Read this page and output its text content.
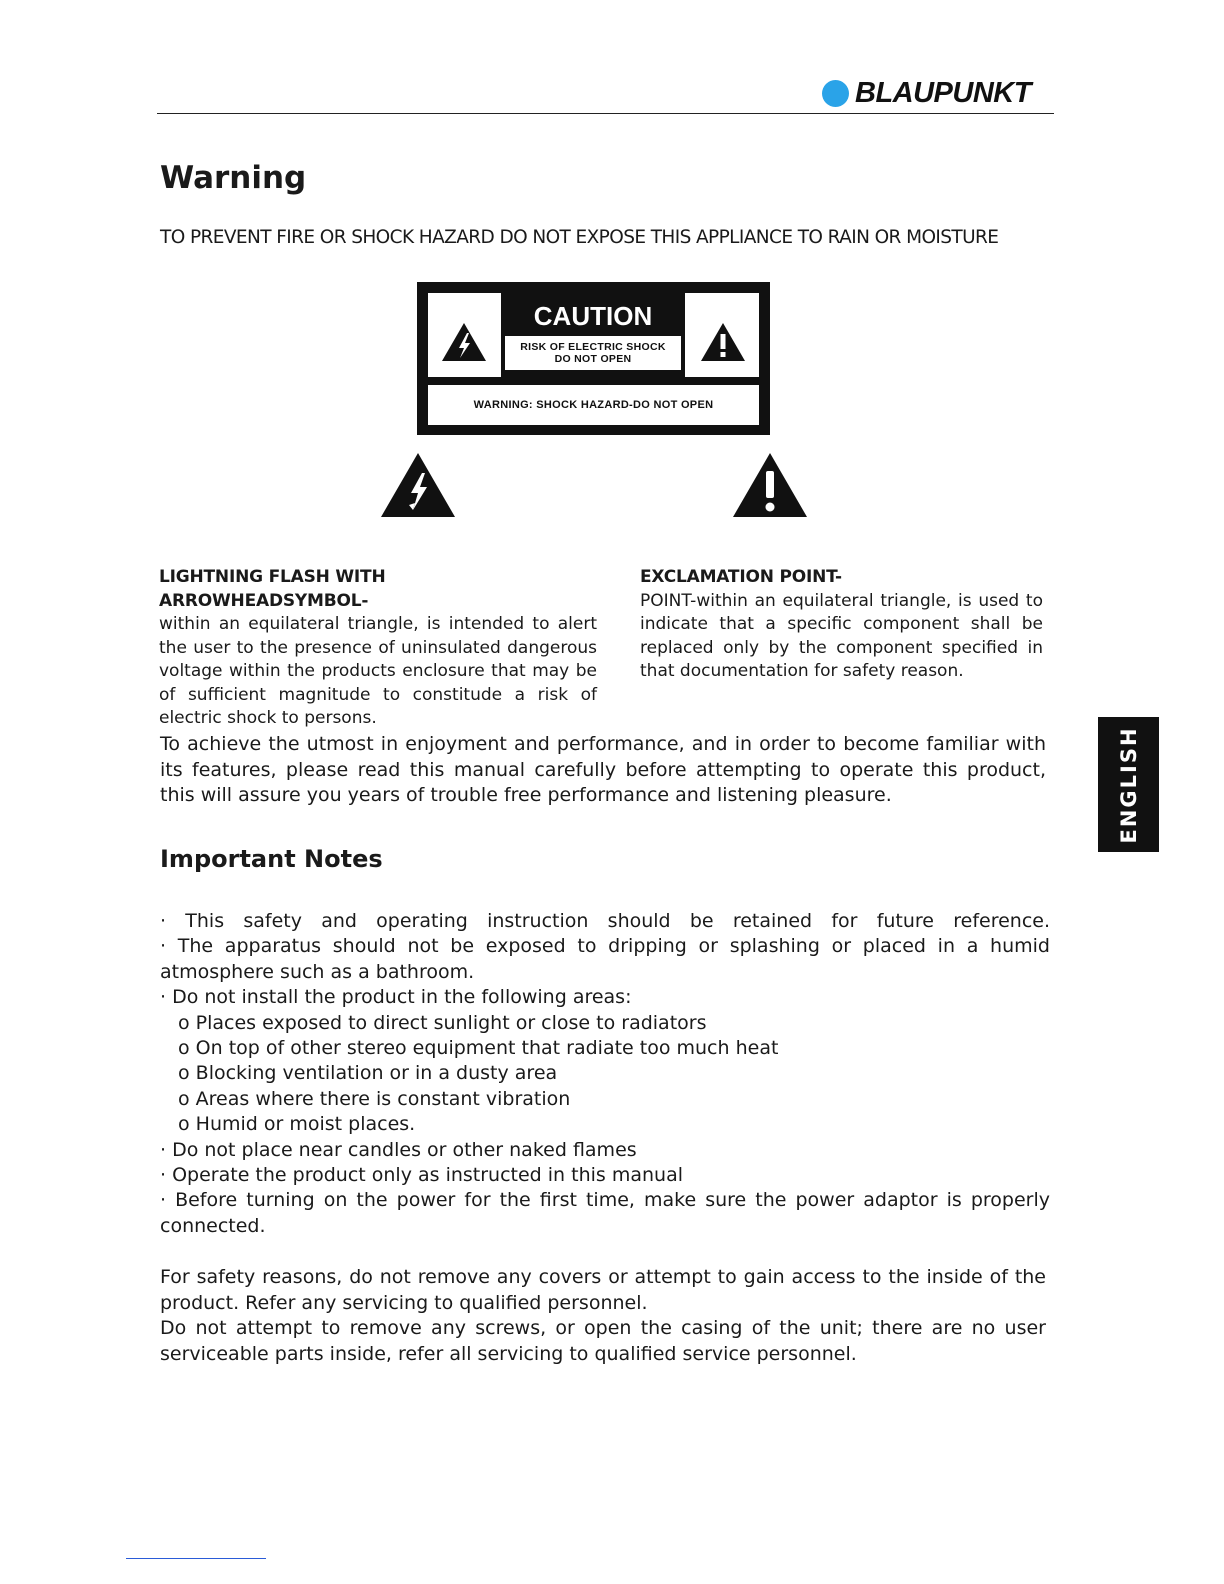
BLAUPUNKT
Warning

TO PREVENT FIRE OR SHOCK HAZARD DO NOT EXPOSE THIS APPLIANCE TO RAIN OR MOISTURE

CAUTION
RISK OF ELECTRIC SHOCK
DO NOT OPEN
WARNING: SHOCK HAZARD-DO NOT OPEN
LIGHTNING FLASH WITH ARROWHEADSYMBOL-
within an equilateral triangle, is intended to alert the user to the presence of uninsulated dangerous voltage within the products enclosure that may be of sufficient magnitude to constitude a risk of electric shock to persons.
EXCLAMATION POINT-
POINT-within an equilateral triangle, is used to indicate that a specific component shall be replaced only by the component specified in that documentation for safety reason.

To achieve the utmost in enjoyment and performance, and in order to become familiar with its features, please read this manual carefully before attempting to operate this product, this will assure you years of trouble free performance and listening pleasure.

Important Notes
· This safety and operating instruction should be retained for future reference.
· The apparatus should not be exposed to dripping or splashing or placed in a humid atmosphere such as a bathroom.
· Do not install the product in the following areas:
o Places exposed to direct sunlight or close to radiators
o On top of other stereo equipment that radiate too much heat
o Blocking ventilation or in a dusty area
o Areas where there is constant vibration
o Humid or moist places.
· Do not place near candles or other naked flames
· Operate the product only as instructed in this manual
· Before turning on the power for the first time, make sure the power adaptor is properly connected.
For safety reasons, do not remove any covers or attempt to gain access to the inside of the product. Refer any servicing to qualified personnel.
Do not attempt to remove any screws, or open the casing of the unit; there are no user serviceable parts inside, refer all servicing to qualified service personnel.
ENGLISH
